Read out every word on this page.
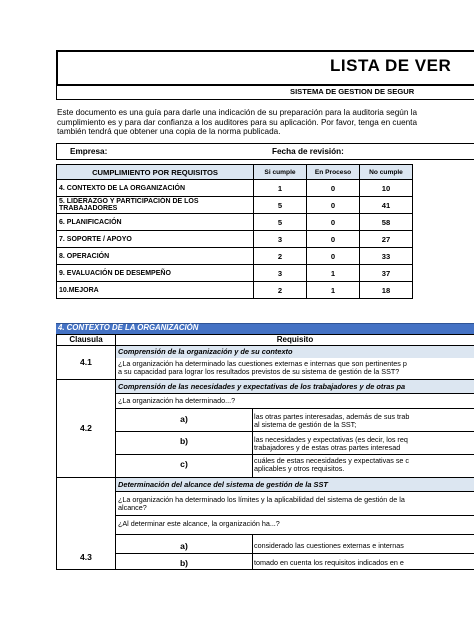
LISTA DE VER
SISTEMA DE GESTION DE SEGUR
Este documento es una guía para darle una indicación de su preparación para la auditoria según la
cumplimiento es y para dar confianza a los auditores para su aplicación. Por favor, tenga en cuenta
también tendrá que obtener una copia de la norma publicada.
Empresa:	Fecha de revisión:
CUMPLIMIENTO POR REQUISITOS	Si cumple	En Proceso	No cumple
4. CONTEXTO DE LA ORGANIZACIÓN	1	0	10
5. LIDERAZGO Y PARTICIPACIÓN DE LOS TRABAJADORES	5	0	41
6. PLANIFICACIÓN	5	0	58
7. SOPORTE / APOYO	3	0	27
8. OPERACIÓN	2	0	33
9. EVALUACIÓN DE DESEMPEÑO	3	1	37
10.MEJORA	2	1	18
4. CONTEXTO DE LA ORGANIZACIÓN
Clausula	Requisito
Comprensión de la organización y de su contexto
¿La organización ha determinado las cuestiones externas e internas que son pertinentes p
a su capacidad para lograr los resultados previstos de su sistema de gestión de la SST?
4.1
Comprensión de las necesidades y expectativas de los trabajadores y de otras pa
¿La organización ha determinado...?
4.2
a)	las otras partes interesadas, además de sus trab
al sistema de gestión de la SST;
b)	las necesidades y expectativas (es decir, los req
trabajadores y de estas otras partes interesad
c)	cuáles de estas necesidades y expectativas se c
aplicables y otros requisitos.
Determinación del alcance del sistema de gestión de la SST
¿La organización ha determinado los límites y la aplicabilidad del sistema de gestión de la
alcance?
¿Al determinar este alcance, la organización ha...?
4.3
a)	considerado las cuestiones externas e internas
b)	tomado en cuenta los requisitos indicados en e
